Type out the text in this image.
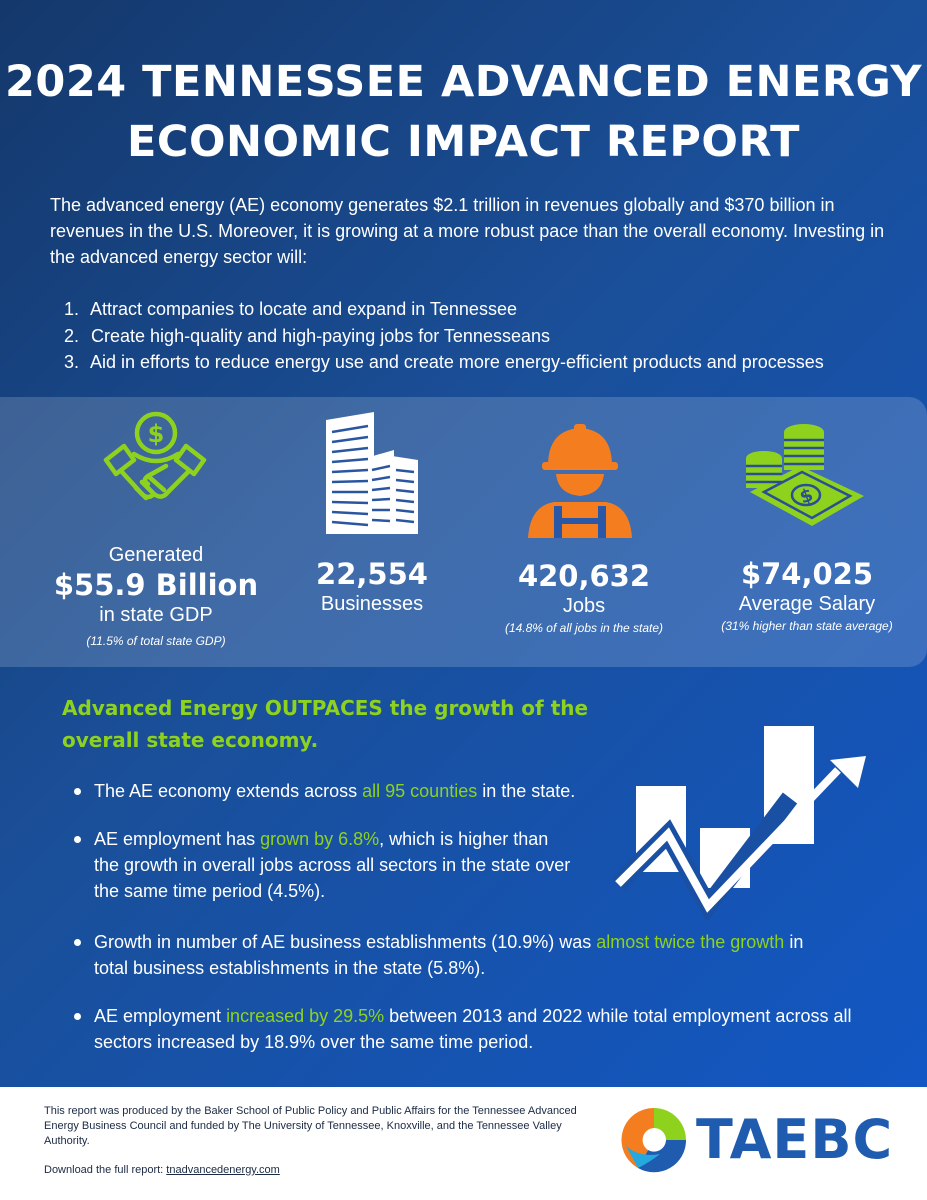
2024 TENNESSEE ADVANCED ENERGY
ECONOMIC IMPACT REPORT

The advanced energy (AE) economy generates $2.1 trillion in revenues globally and $370 billion in revenues in the U.S. Moreover, it is growing at a more robust pace than the overall economy. Investing in the advanced energy sector will:

1. Attract companies to locate and expand in Tennessee
2. Create high-quality and high-paying jobs for Tennesseans
3. Aid in efforts to reduce energy use and create more energy-efficient products and processes
$
$
Generated
$55.9 Billion
in state GDP
(11.5% of total state GDP)
22,554
Businesses
420,632
Jobs
(14.8% of all jobs in the state)
$74,025
Average Salary
(31% higher than state average)
Advanced Energy OUTPACES the growth of the
overall state economy.
The AE economy extends across all 95 counties in the state.
AE employment has grown by 6.8%, which is higher than the growth in overall jobs across all sectors in the state over the same time period (4.5%).
Growth in number of AE business establishments (10.9%) was almost twice the growth in total business establishments in the state (5.8%).
AE employment increased by 29.5% between 2013 and 2022 while total employment across all sectors increased by 18.9% over the same time period.

This report was produced by the Baker School of Public Policy and Public Affairs for the Tennessee Advanced Energy Business Council and funded by The University of Tennessee, Knoxville, and the Tennessee Valley Authority.

Download the full report: tnadvancedenergy.com	TAEBC
